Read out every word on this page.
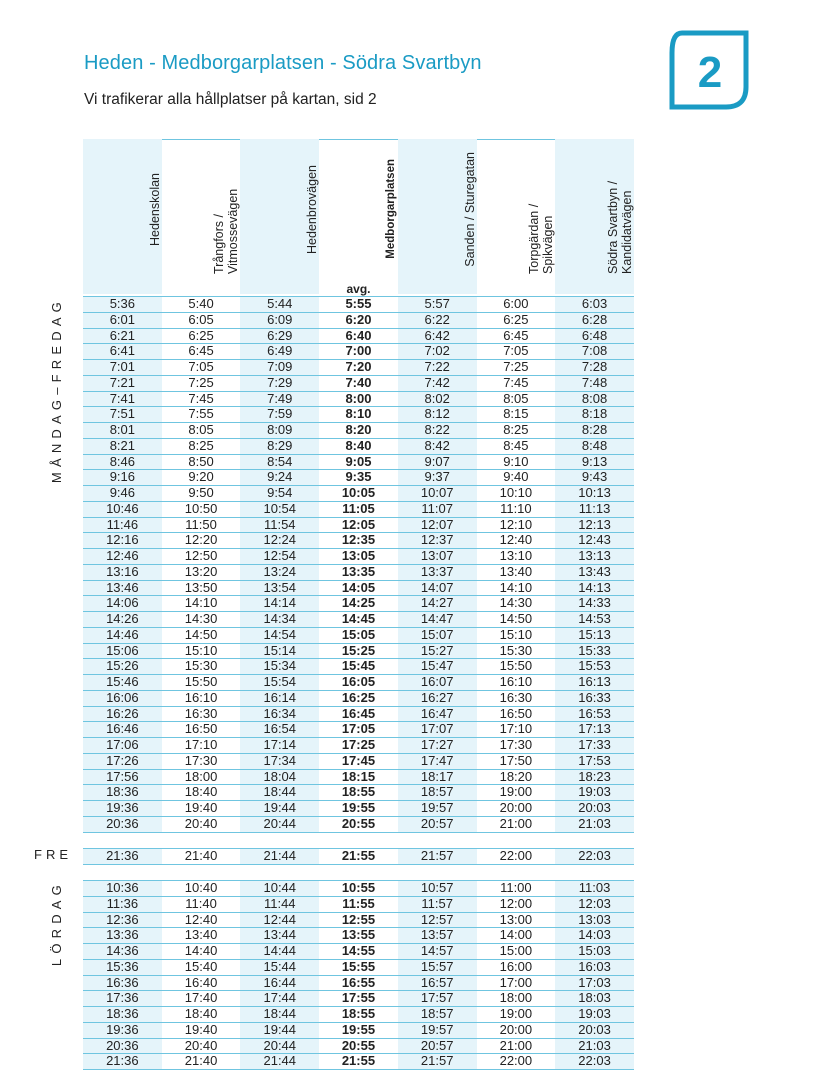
Heden - Medborgarplatsen - Södra Svartbyn
Vi trafikerar alla hållplatser på kartan, sid 2
2
Hedenskolan	Trångfors / Vitmossevägen	Hedenbrovägen	Medborgarplatsen	Sanden / Sturegatan	Torpgärdan / Spikvägen	Södra Svartbyn / Kandidatvägen
avg.
5:36	5:40	5:44	5:55	5:57	6:00	6:03
6:01	6:05	6:09	6:20	6:22	6:25	6:28
6:21	6:25	6:29	6:40	6:42	6:45	6:48
6:41	6:45	6:49	7:00	7:02	7:05	7:08
7:01	7:05	7:09	7:20	7:22	7:25	7:28
7:21	7:25	7:29	7:40	7:42	7:45	7:48
7:41	7:45	7:49	8:00	8:02	8:05	8:08
7:51	7:55	7:59	8:10	8:12	8:15	8:18
8:01	8:05	8:09	8:20	8:22	8:25	8:28
8:21	8:25	8:29	8:40	8:42	8:45	8:48
8:46	8:50	8:54	9:05	9:07	9:10	9:13
9:16	9:20	9:24	9:35	9:37	9:40	9:43
9:46	9:50	9:54	10:05	10:07	10:10	10:13
10:46	10:50	10:54	11:05	11:07	11:10	11:13
11:46	11:50	11:54	12:05	12:07	12:10	12:13
12:16	12:20	12:24	12:35	12:37	12:40	12:43
12:46	12:50	12:54	13:05	13:07	13:10	13:13
13:16	13:20	13:24	13:35	13:37	13:40	13:43
13:46	13:50	13:54	14:05	14:07	14:10	14:13
14:06	14:10	14:14	14:25	14:27	14:30	14:33
14:26	14:30	14:34	14:45	14:47	14:50	14:53
14:46	14:50	14:54	15:05	15:07	15:10	15:13
15:06	15:10	15:14	15:25	15:27	15:30	15:33
15:26	15:30	15:34	15:45	15:47	15:50	15:53
15:46	15:50	15:54	16:05	16:07	16:10	16:13
16:06	16:10	16:14	16:25	16:27	16:30	16:33
16:26	16:30	16:34	16:45	16:47	16:50	16:53
16:46	16:50	16:54	17:05	17:07	17:10	17:13
17:06	17:10	17:14	17:25	17:27	17:30	17:33
17:26	17:30	17:34	17:45	17:47	17:50	17:53
17:56	18:00	18:04	18:15	18:17	18:20	18:23
18:36	18:40	18:44	18:55	18:57	19:00	19:03
19:36	19:40	19:44	19:55	19:57	20:00	20:03
20:36	20:40	20:44	20:55	20:57	21:00	21:03
MÅNDAG–FREDAG
21:36	21:40	21:44	21:55	21:57	22:00	22:03
FRE
10:36	10:40	10:44	10:55	10:57	11:00	11:03
11:36	11:40	11:44	11:55	11:57	12:00	12:03
12:36	12:40	12:44	12:55	12:57	13:00	13:03
13:36	13:40	13:44	13:55	13:57	14:00	14:03
14:36	14:40	14:44	14:55	14:57	15:00	15:03
15:36	15:40	15:44	15:55	15:57	16:00	16:03
16:36	16:40	16:44	16:55	16:57	17:00	17:03
17:36	17:40	17:44	17:55	17:57	18:00	18:03
18:36	18:40	18:44	18:55	18:57	19:00	19:03
19:36	19:40	19:44	19:55	19:57	20:00	20:03
20:36	20:40	20:44	20:55	20:57	21:00	21:03
21:36	21:40	21:44	21:55	21:57	22:00	22:03
LÖRDAG
